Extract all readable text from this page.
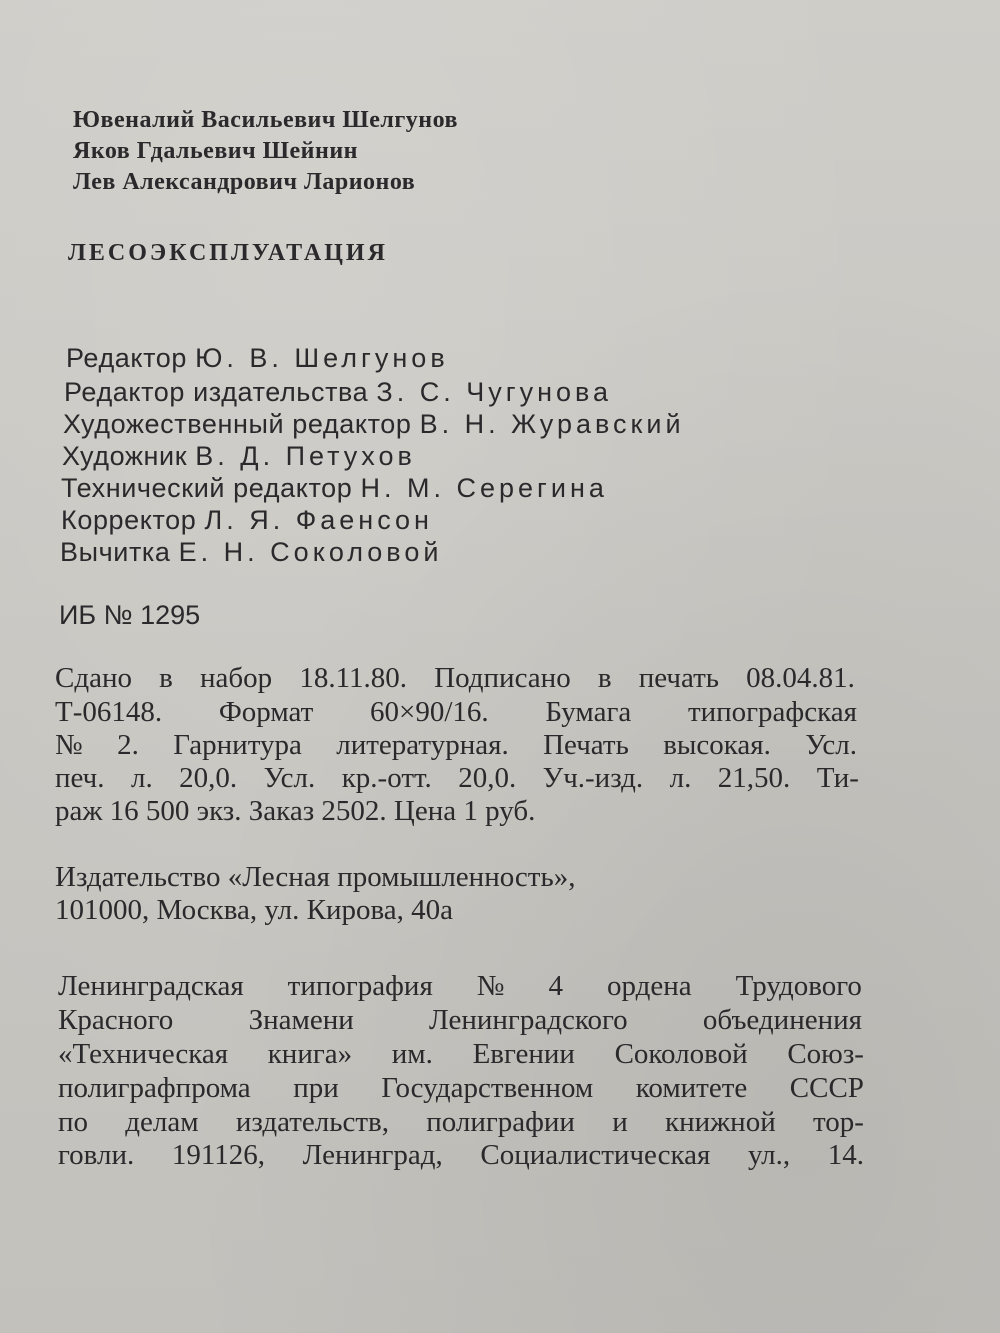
Ювеналий Васильевич Шелгунов

Яков Гдальевич Шейнин

Лев Александрович Ларионов

ЛЕСОЭКСПЛУАТАЦИЯ

Редактор Ю. В. Шелгунов

Редактор издательства З. С. Чугунова

Художественный редактор В. Н. Журавский

Художник В. Д. Петухов

Технический редактор Н. М. Серегина

Корректор Л. Я. Фаенсон

Вычитка Е. Н. Соколовой

ИБ № 1295

Сдано в набор 18.11.80. Подписано в печать 08.04.81.

Т-06148. Формат 60×90/16. Бумага типографская

№ 2. Гарнитура литературная. Печать высокая. Усл.

печ. л. 20,0. Усл. кр.-отт. 20,0. Уч.-изд. л. 21,50. Ти-

раж 16 500 экз. Заказ 2502. Цена 1 руб.

Издательство «Лесная промышленность»,

101000, Москва, ул. Кирова, 40а

Ленинградская типография № 4 ордена Трудового

Красного	Знамени	Ленинградского	объединения

«Техническая книга» им. Евгении Соколовой Союз-

полиграфпрома при Государственном комитете СССР

по делам издательств, полиграфии и книжной тор-

говли. 191126, Ленинград, Социалистическая ул., 14.
